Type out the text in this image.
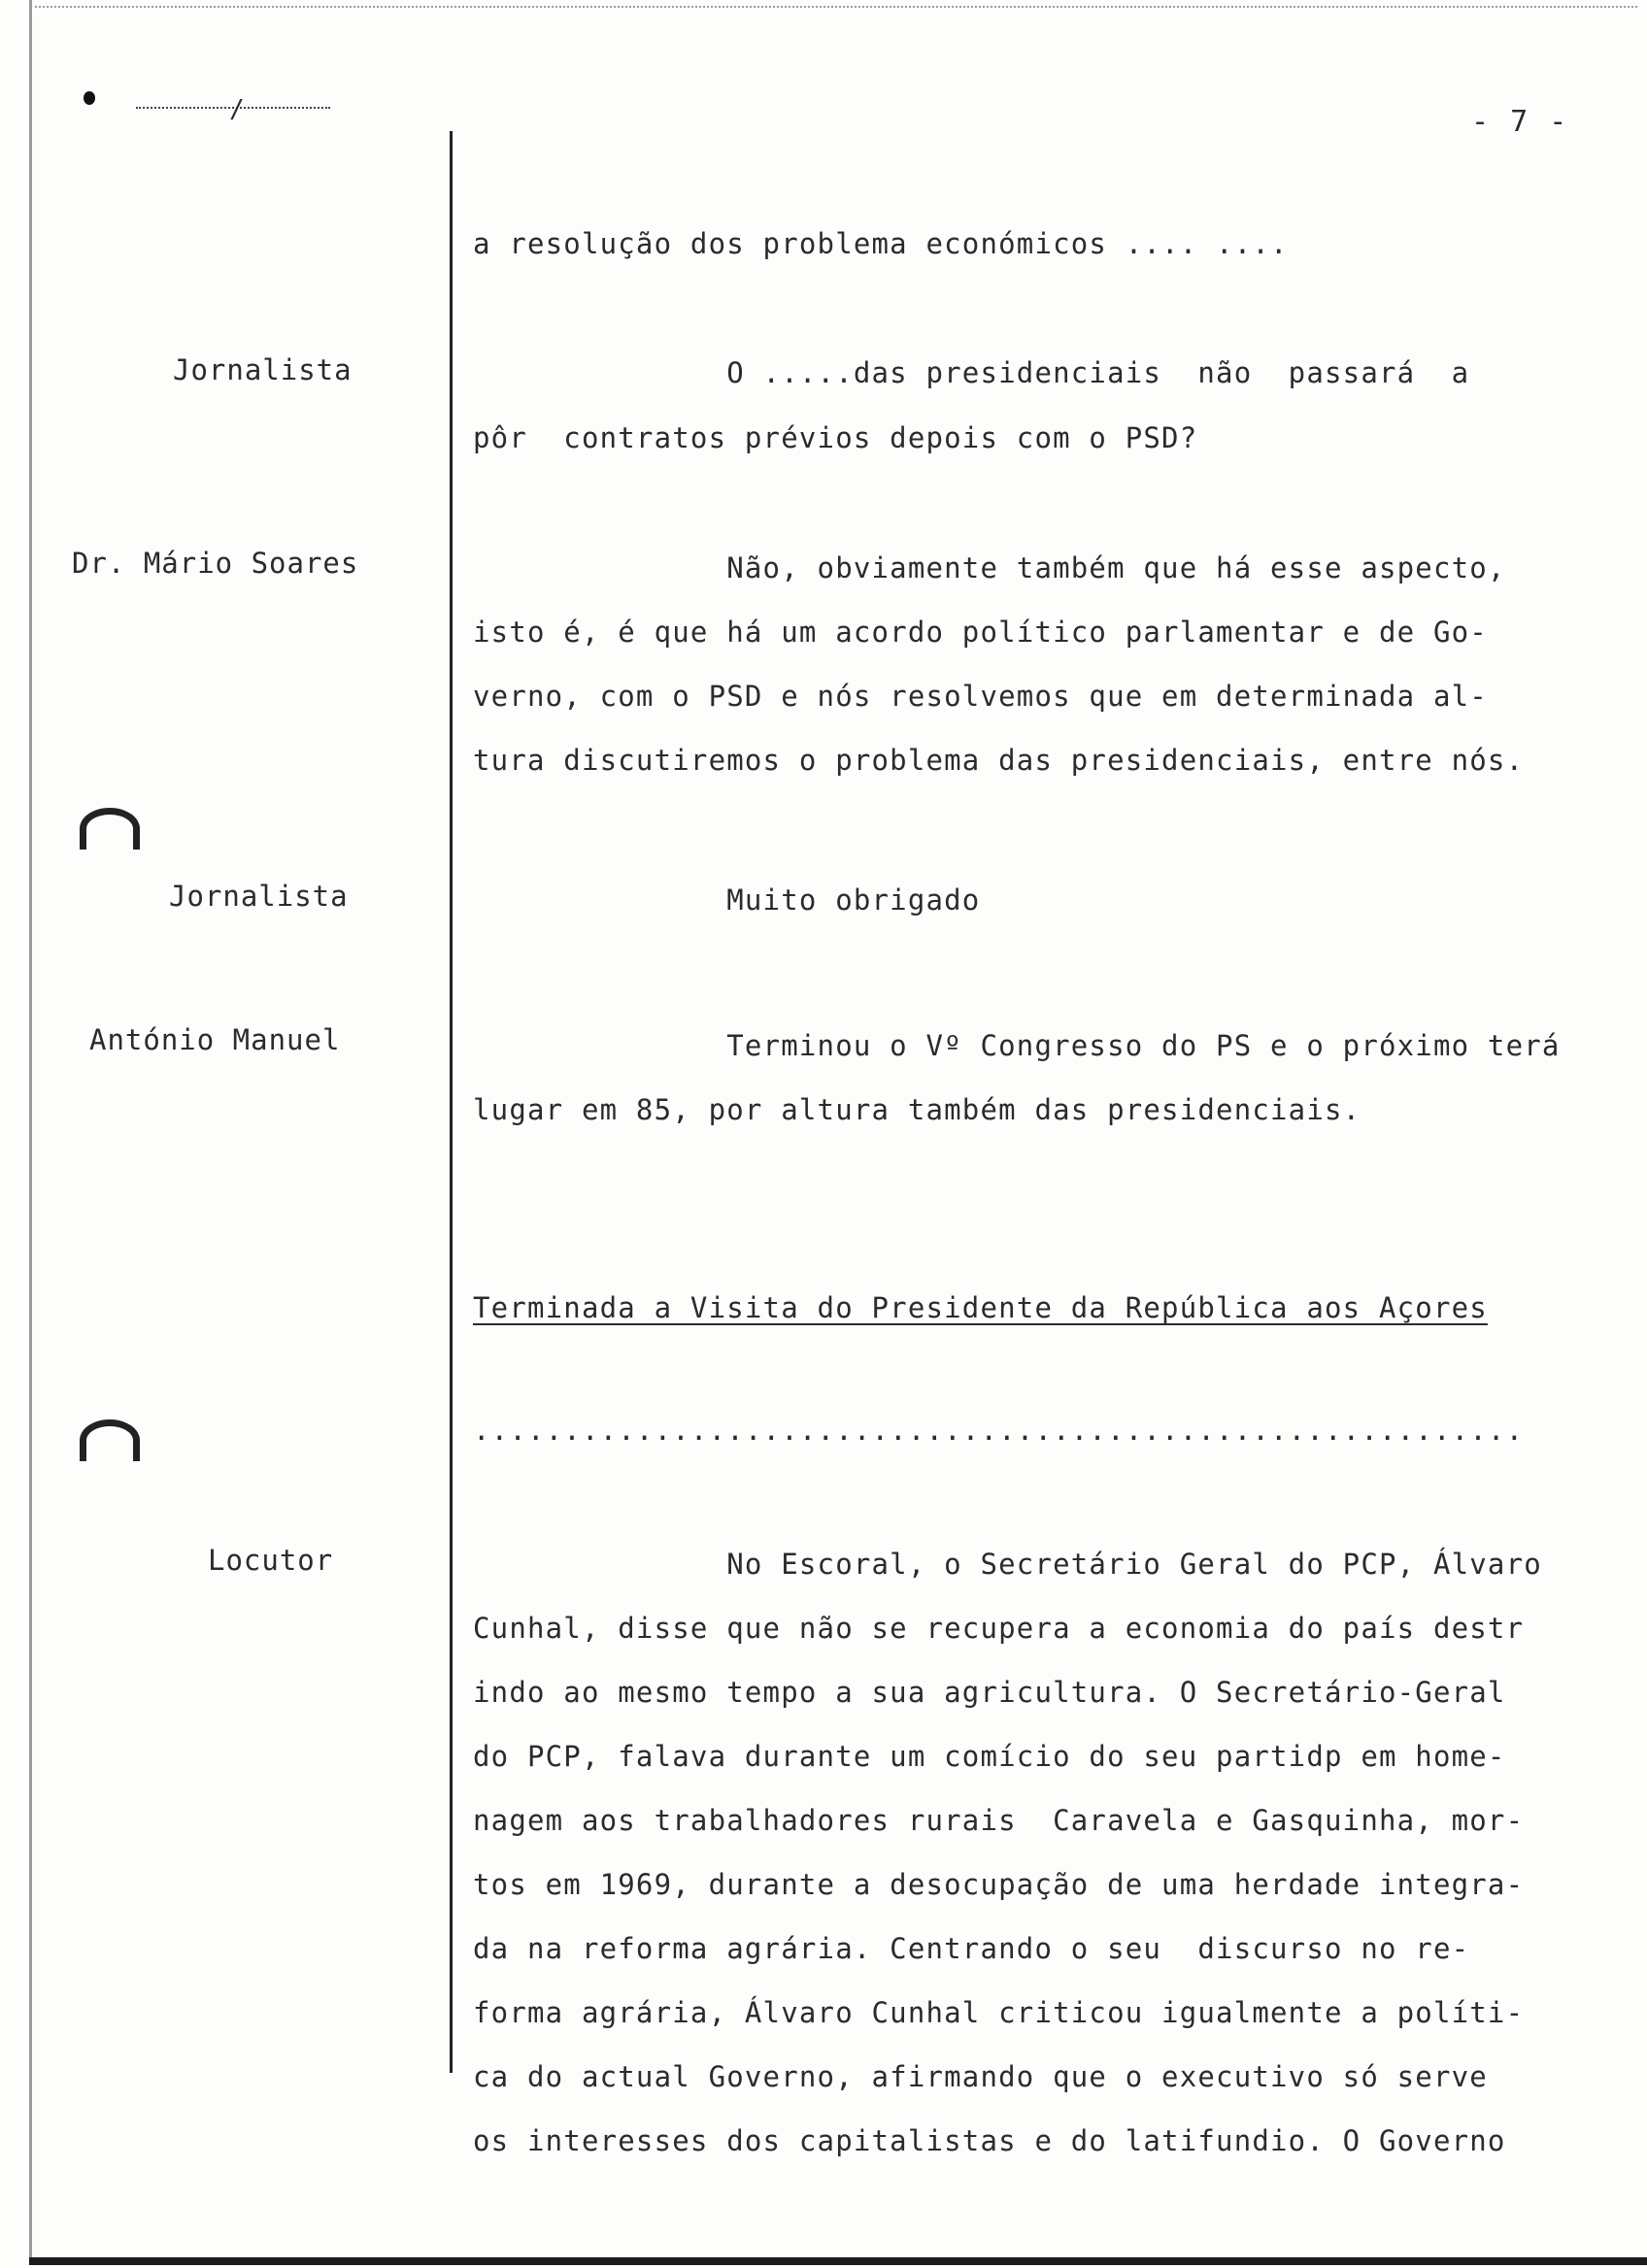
/	- 7 -
Jornalista
Dr. Mário Soares
Jornalista
António Manuel
Locutor
a resolução dos problema económicos .... ....
O .....das presidenciais  não  passará  a
pôr  contratos prévios depois com o PSD?
Não, obviamente também que há esse aspecto,
isto é, é que há um acordo político parlamentar e de Go-
verno, com o PSD e nós resolvemos que em determinada al-
tura discutiremos o problema das presidenciais, entre nós.
Muito obrigado
Terminou o Vº Congresso do PS e o próximo terá
lugar em 85, por altura também das presidenciais.
Terminada a Visita do Presidente da República aos Açores
..........................................................
No Escoral, o Secretário Geral do PCP, Álvaro
Cunhal, disse que não se recupera a economia do país destr
indo ao mesmo tempo a sua agricultura. O Secretário-Geral
do PCP, falava durante um comício do seu partidp em home-
nagem aos trabalhadores rurais  Caravela e Gasquinha, mor-
tos em 1969, durante a desocupação de uma herdade integra-
da na reforma agrária. Centrando o seu  discurso no re-
forma agrária, Álvaro Cunhal criticou igualmente a políti-
ca do actual Governo, afirmando que o executivo só serve
os interesses dos capitalistas e do latifundio. O Governo
